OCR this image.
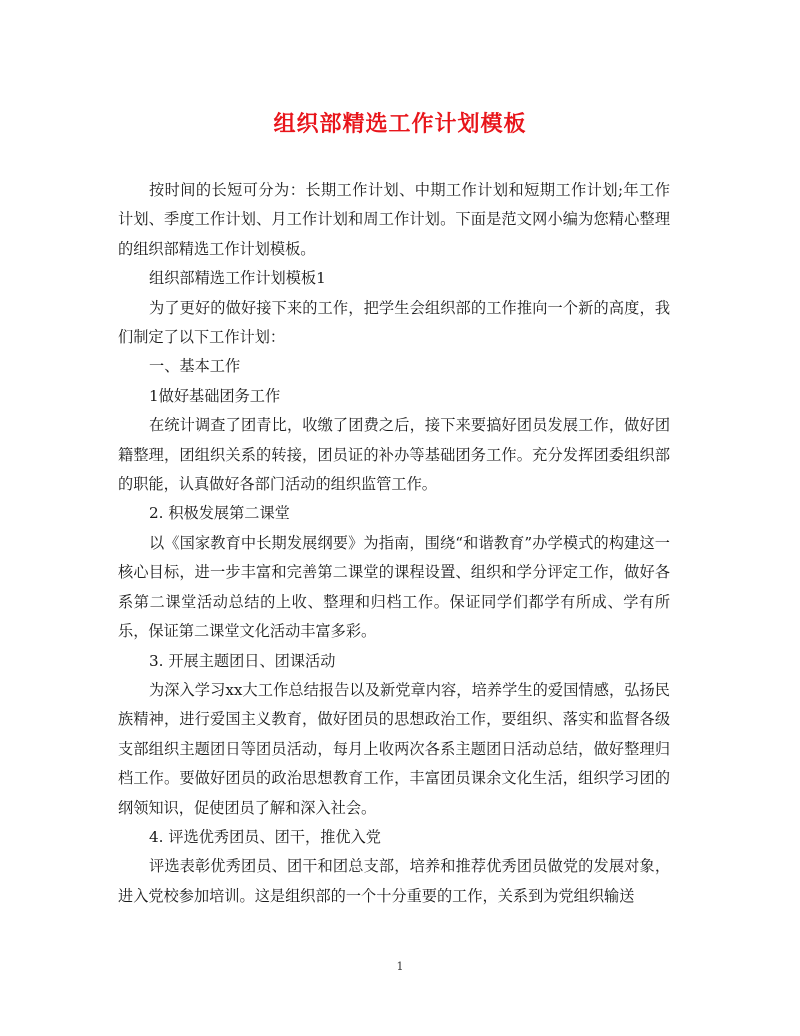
组织部精选工作计划模板

按时间的长短可分为：长期工作计划、中期工作计划和短期工作计划;年工作计划、季度工作计划、月工作计划和周工作计划。下面是范文网小编为您精心整理的组织部精选工作计划模板。

组织部精选工作计划模板1

为了更好的做好接下来的工作，把学生会组织部的工作推向一个新的高度，我们制定了以下工作计划：

一、基本工作

1做好基础团务工作

在统计调查了团青比，收缴了团费之后，接下来要搞好团员发展工作，做好团籍整理，团组织关系的转接，团员证的补办等基础团务工作。充分发挥团委组织部的职能，认真做好各部门活动的组织监管工作。

2. 积极发展第二课堂

以《国家教育中长期发展纲要》为指南，围绕“和谐教育”办学模式的构建这一核心目标，进一步丰富和完善第二课堂的课程设置、组织和学分评定工作，做好各系第二课堂活动总结的上收、整理和归档工作。保证同学们都学有所成、学有所乐，保证第二课堂文化活动丰富多彩。

3. 开展主题团日、团课活动

为深入学习xx大工作总结报告以及新党章内容，培养学生的爱国情感，弘扬民族精神，进行爱国主义教育，做好团员的思想政治工作，要组织、落实和监督各级支部组织主题团日等团员活动，每月上收两次各系主题团日活动总结，做好整理归档工作。要做好团员的政治思想教育工作，丰富团员课余文化生活，组织学习团的纲领知识，促使团员了解和深入社会。

4. 评选优秀团员、团干，推优入党

评选表彰优秀团员、团干和团总支部，培养和推荐优秀团员做党的发展对象，进入党校参加培训。这是组织部的一个十分重要的工作，关系到为党组织输送

1
